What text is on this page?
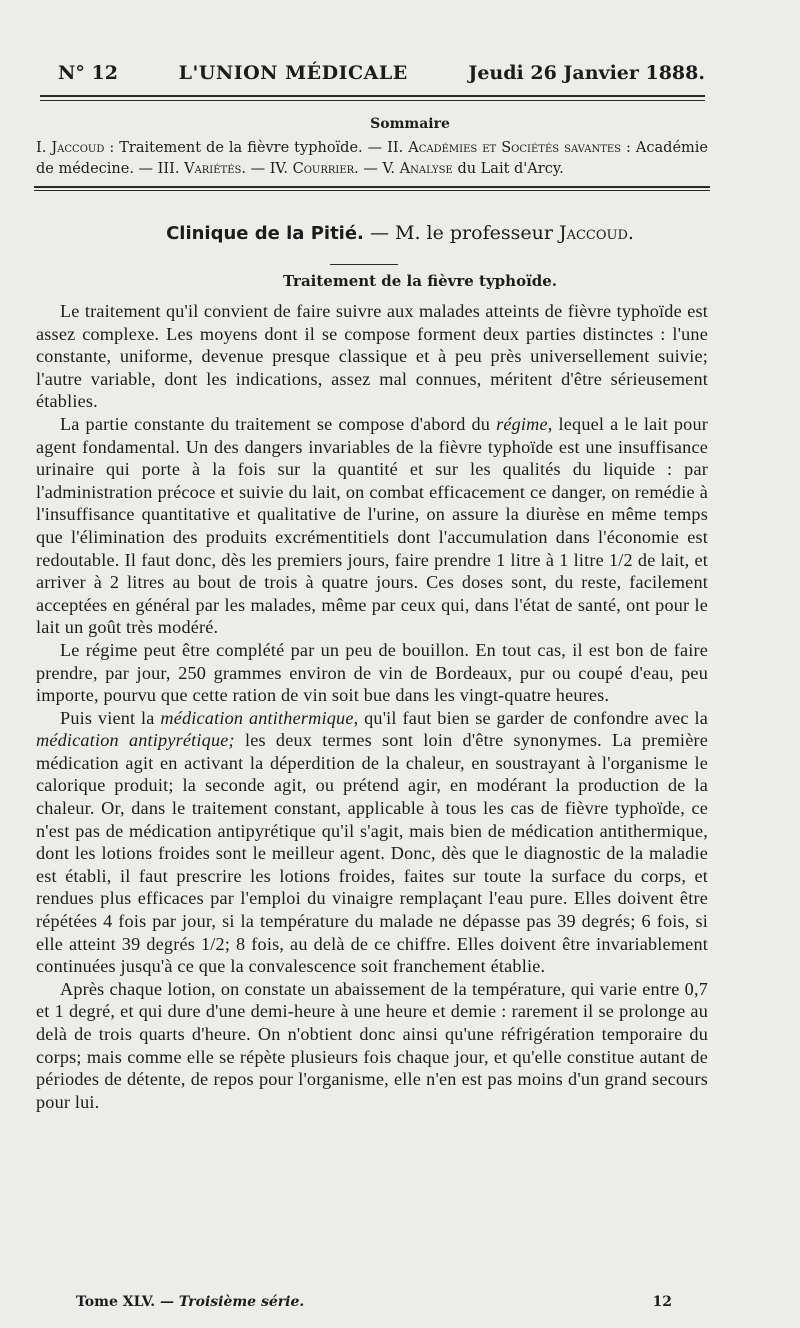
N° 12	L'UNION MÉDICALE	Jeudi 26 Janvier 1888.
Sommaire
I. Jaccoud : Traitement de la fièvre typhoïde. — II. Académies et Sociétés savantes : Académie de médecine. — III. Variétés. — IV. Courrier. — V. Analyse du Lait d'Arcy.
Clinique de la Pitié. — M. le professeur Jaccoud.
Traitement de la fièvre typhoïde.

Le traitement qu'il convient de faire suivre aux malades atteints de fièvre typhoïde est assez complexe. Les moyens dont il se compose forment deux parties distinctes : l'une constante, uniforme, devenue presque classique et à peu près universellement suivie; l'autre variable, dont les indications, assez mal connues, méritent d'être sérieusement établies.

La partie constante du traitement se compose d'abord du régime, lequel a le lait pour agent fondamental. Un des dangers invariables de la fièvre typhoïde est une insuffisance urinaire qui porte à la fois sur la quantité et sur les qualités du liquide : par l'administration précoce et suivie du lait, on combat efficacement ce danger, on remédie à l'insuffisance quantitative et qualitative de l'urine, on assure la diurèse en même temps que l'élimination des produits excrémentitiels dont l'accumulation dans l'économie est redoutable. Il faut donc, dès les premiers jours, faire prendre 1 litre à 1 litre 1/2 de lait, et arriver à 2 litres au bout de trois à quatre jours. Ces doses sont, du reste, facilement acceptées en général par les malades, même par ceux qui, dans l'état de santé, ont pour le lait un goût très modéré.

Le régime peut être complété par un peu de bouillon. En tout cas, il est bon de faire prendre, par jour, 250 grammes environ de vin de Bordeaux, pur ou coupé d'eau, peu importe, pourvu que cette ration de vin soit bue dans les vingt-quatre heures.

Puis vient la médication antithermique, qu'il faut bien se garder de confondre avec la médication antipyrétique; les deux termes sont loin d'être synonymes. La première médication agit en activant la déperdition de la chaleur, en soustrayant à l'organisme le calorique produit; la seconde agit, ou prétend agir, en modérant la production de la chaleur. Or, dans le traitement constant, applicable à tous les cas de fièvre typhoïde, ce n'est pas de médication antipyrétique qu'il s'agit, mais bien de médication antithermique, dont les lotions froides sont le meilleur agent. Donc, dès que le diagnostic de la maladie est établi, il faut prescrire les lotions froides, faites sur toute la surface du corps, et rendues plus efficaces par l'emploi du vinaigre remplaçant l'eau pure. Elles doivent être répétées 4 fois par jour, si la température du malade ne dépasse pas 39 degrés; 6 fois, si elle atteint 39 degrés 1/2; 8 fois, au delà de ce chiffre. Elles doivent être invariablement continuées jusqu'à ce que la convalescence soit franchement établie.

Après chaque lotion, on constate un abaissement de la température, qui varie entre 0,7 et 1 degré, et qui dure d'une demi-heure à une heure et demie : rarement il se prolonge au delà de trois quarts d'heure. On n'obtient donc ainsi qu'une réfrigération temporaire du corps; mais comme elle se répète plusieurs fois chaque jour, et qu'elle constitue autant de périodes de détente, de repos pour l'organisme, elle n'en est pas moins d'un grand secours pour lui.

Tome XLV. — Troisième série.	12
